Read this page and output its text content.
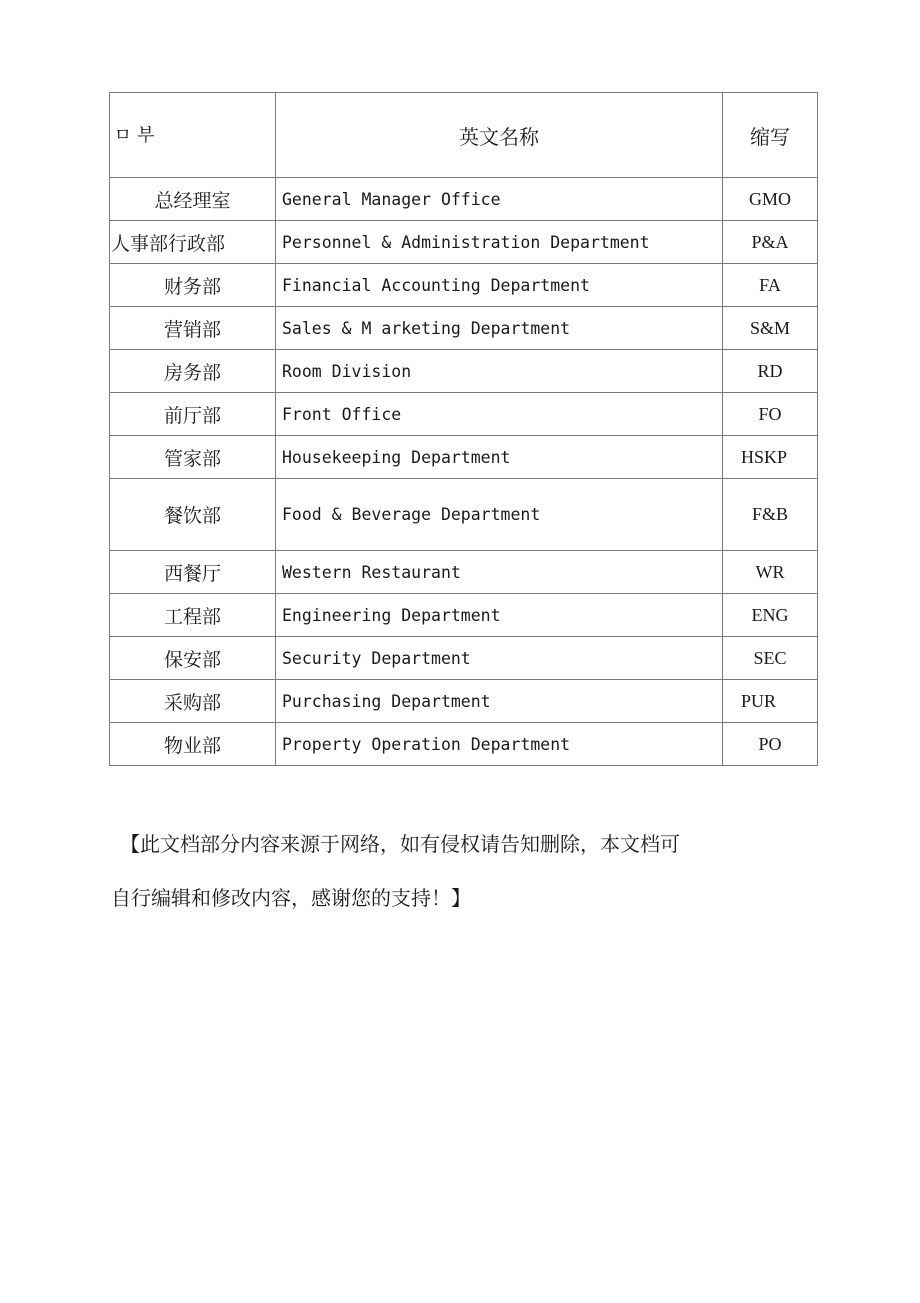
ㅁ 부	英文名称	缩写
总经理室	General Manager Office	GMO
人事部行政部	Personnel & Administration Department	P&A
财务部	Financial Accounting Department	FA
营销部	Sales & M arketing Department	S&M
房务部	Room Division	RD
前厅部	Front Office	FO
管家部	Housekeeping Department	HSKP
餐饮部	Food & Beverage Department	F&B
西餐厅	Western Restaurant	WR
工程部	Engineering Department	ENG
保安部	Security Department	SEC
采购部	Purchasing Department	PUR
物业部	Property Operation Department	PO
【此文档部分内容来源于网络，如有侵权请告知删除，本文档可
自行编辑和修改内容，感谢您的支持！】
